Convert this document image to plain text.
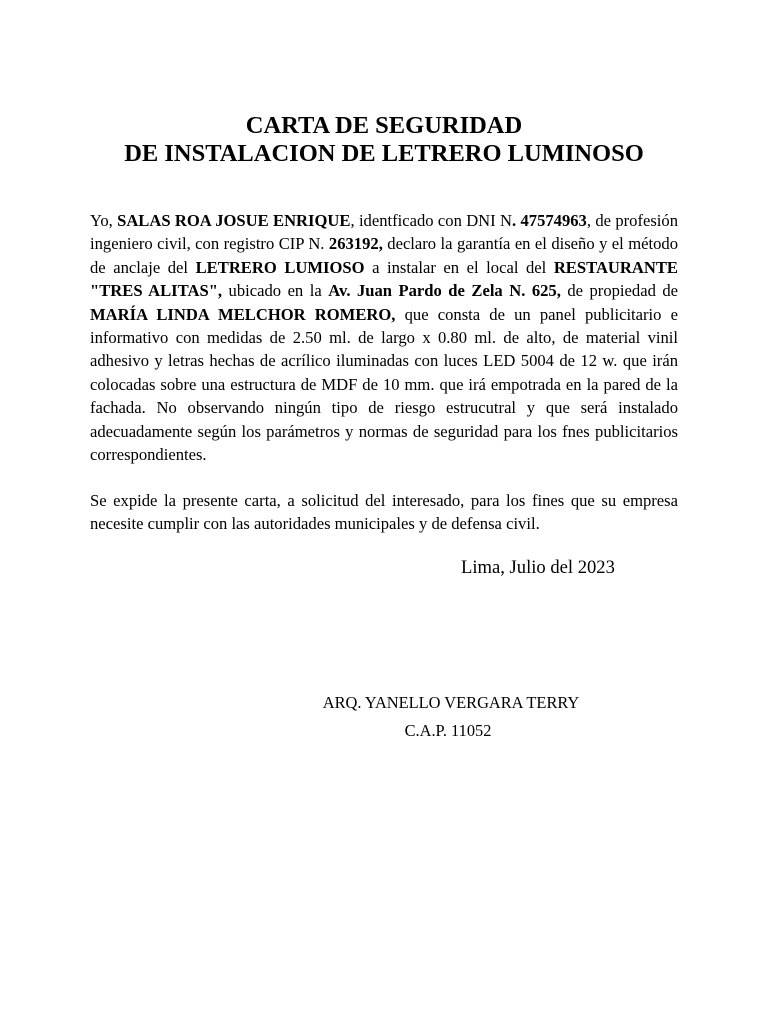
CARTA DE SEGURIDAD
DE INSTALACION DE LETRERO LUMINOSO

Yo, SALAS ROA JOSUE ENRIQUE, identficado con DNI N. 47574963, de profesión ingeniero civil, con registro CIP N. 263192, declaro la garantía en el diseño y el método de anclaje del LETRERO LUMIOSO a instalar en el local del RESTAURANTE "TRES ALITAS", ubicado en la Av. Juan Pardo de Zela N. 625, de propiedad de MARÍA LINDA MELCHOR ROMERO, que consta de un panel publicitario e informativo con medidas de 2.50 ml. de largo x 0.80 ml. de alto, de material vinil adhesivo y letras hechas de acrílico iluminadas con luces LED 5004 de 12 w. que irán colocadas sobre una estructura de MDF de 10 mm. que irá empotrada en la pared de la fachada. No observando ningún tipo de riesgo estrucutral y que será instalado adecuadamente según los parámetros y normas de seguridad para los fnes publicitarios correspondientes.

Se expide la presente carta, a solicitud del interesado, para los fines que su empresa necesite cumplir con las autoridades municipales y de defensa civil.

Lima, Julio del 2023

ARQ. YANELLO VERGARA TERRY

C.A.P. 11052
